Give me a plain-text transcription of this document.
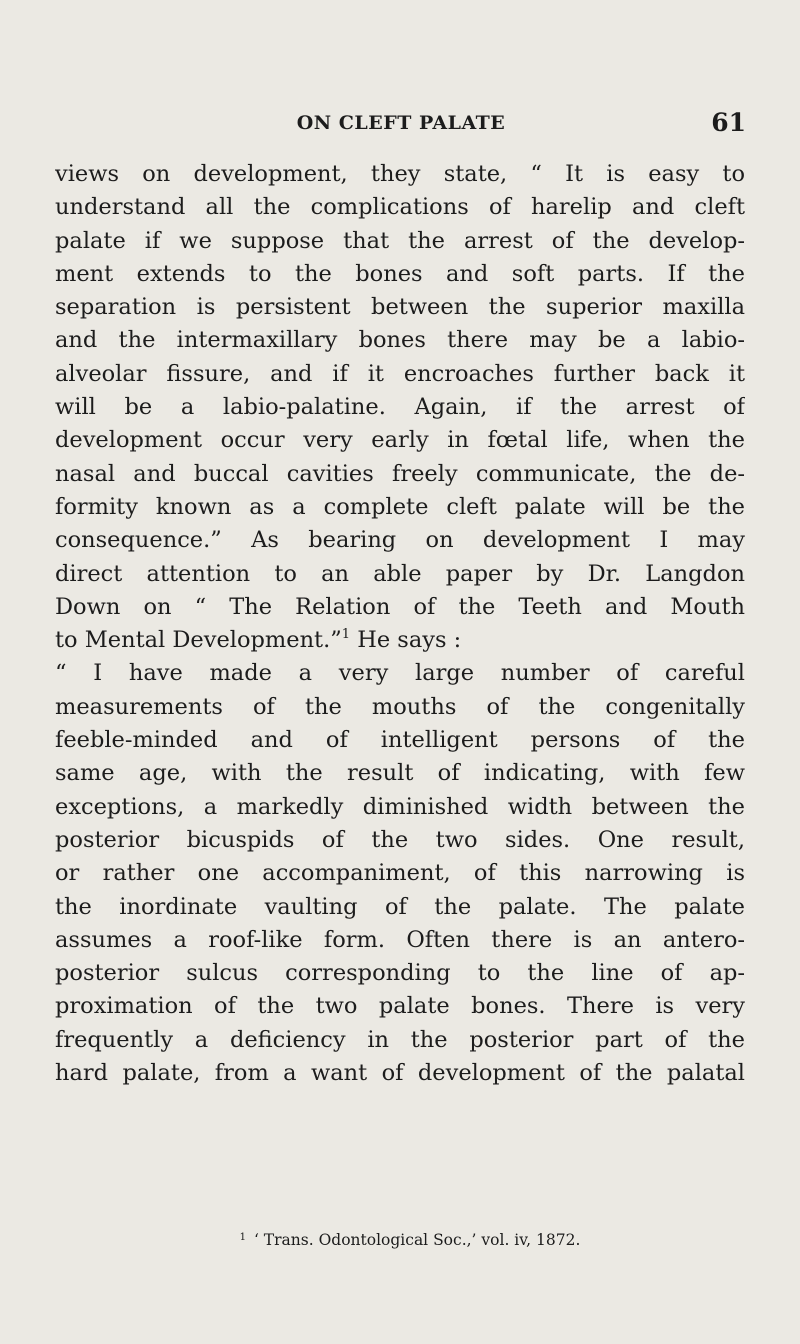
ON CLEFT PALATE	61
views on development, they state, “ It is easy to
understand all the complications of harelip and cleft
palate if we suppose that the arrest of the develop-
ment extends to the bones and soft parts. If the
separation is persistent between the superior maxilla
and the intermaxillary bones there may be a labio-
alveolar fissure, and if it encroaches further back it
will be a labio-palatine. Again, if the arrest of
development occur very early in fœtal life, when the
nasal and buccal cavities freely communicate, the de-
formity known as a complete cleft palate will be the
consequence.” As bearing on development I may
direct attention to an able paper by Dr. Langdon
Down on “ The Relation of the Teeth and Mouth
to Mental Development.”$^1$ He says :
“ I have made a very large number of careful
measurements of the mouths of the congenitally
feeble-minded and of intelligent persons of the
same age, with the result of indicating, with few
exceptions, a markedly diminished width between the
posterior bicuspids of the two sides. One result,
or rather one accompaniment, of this narrowing is
the inordinate vaulting of the palate. The palate
assumes a roof-like form. Often there is an antero-
posterior sulcus corresponding to the line of ap-
proximation of the two palate bones. There is very
frequently a deficiency in the posterior part of the
hard palate, from a want of development of the palatal
$^1$ ‘ Trans. Odontological Soc.,’ vol. iv, 1872.
